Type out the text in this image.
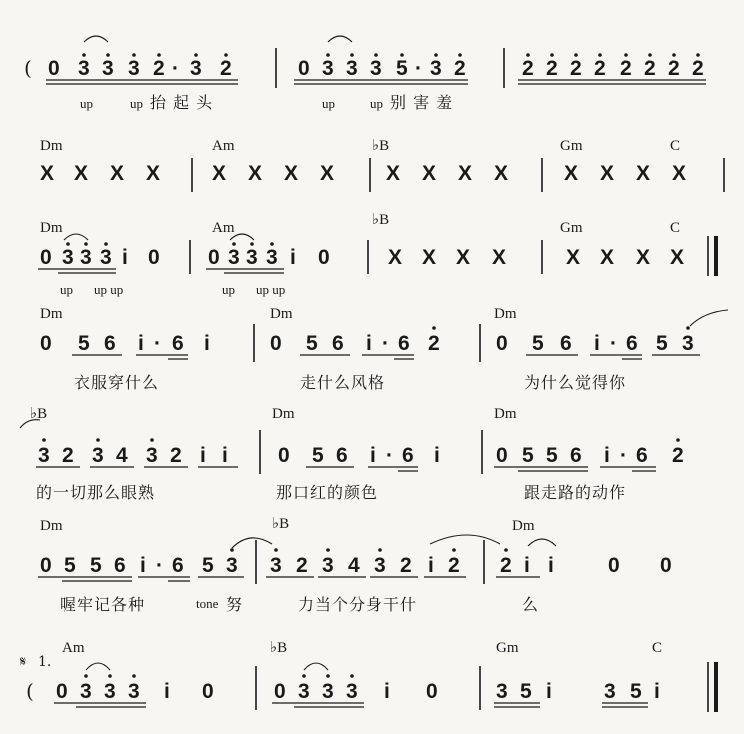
( 0 3 3 3 2 · 3 2	0 3 3 3 5 · 3 2	2 2 2 2 2 2 2 2
up	up 抬 起 头	up	up 别 害 羞
Dm	Am	♭B	Gm	C
X X X X X X X X X X X X	X X X X
Dm	Am	♭B	Gm	C
0 3 3 3 i 0 0 3 3 3 i 0	X X X X	X X X X
up up up	up up up
Dm	Dm	Dm
0 5 6 i · 6 i	0 5 6 i · 6 2	0 5 6 i · 6 5 3
衣服穿什么	走什么风格	为什么觉得你
♭B	Dm	Dm
3 2 3 4 3 2 i i 0 5 6 i · 6 i	0 5 5 6 i · 6 2
的一切那么眼熟	那口红的颜色	跟走路的动作
Dm	♭B	Dm
0 5 5 6 i · 6 5 3 3 2 3 4 3 2 i 2 2 i i	0 0
喔牢记各种	tone 努	力当个分身干什	么
𝄋 1.
Am	♭B	Gm	C
( 0 3 3 3 i 0	0 3 3 3 i 0	3 5 i 3 5 i
